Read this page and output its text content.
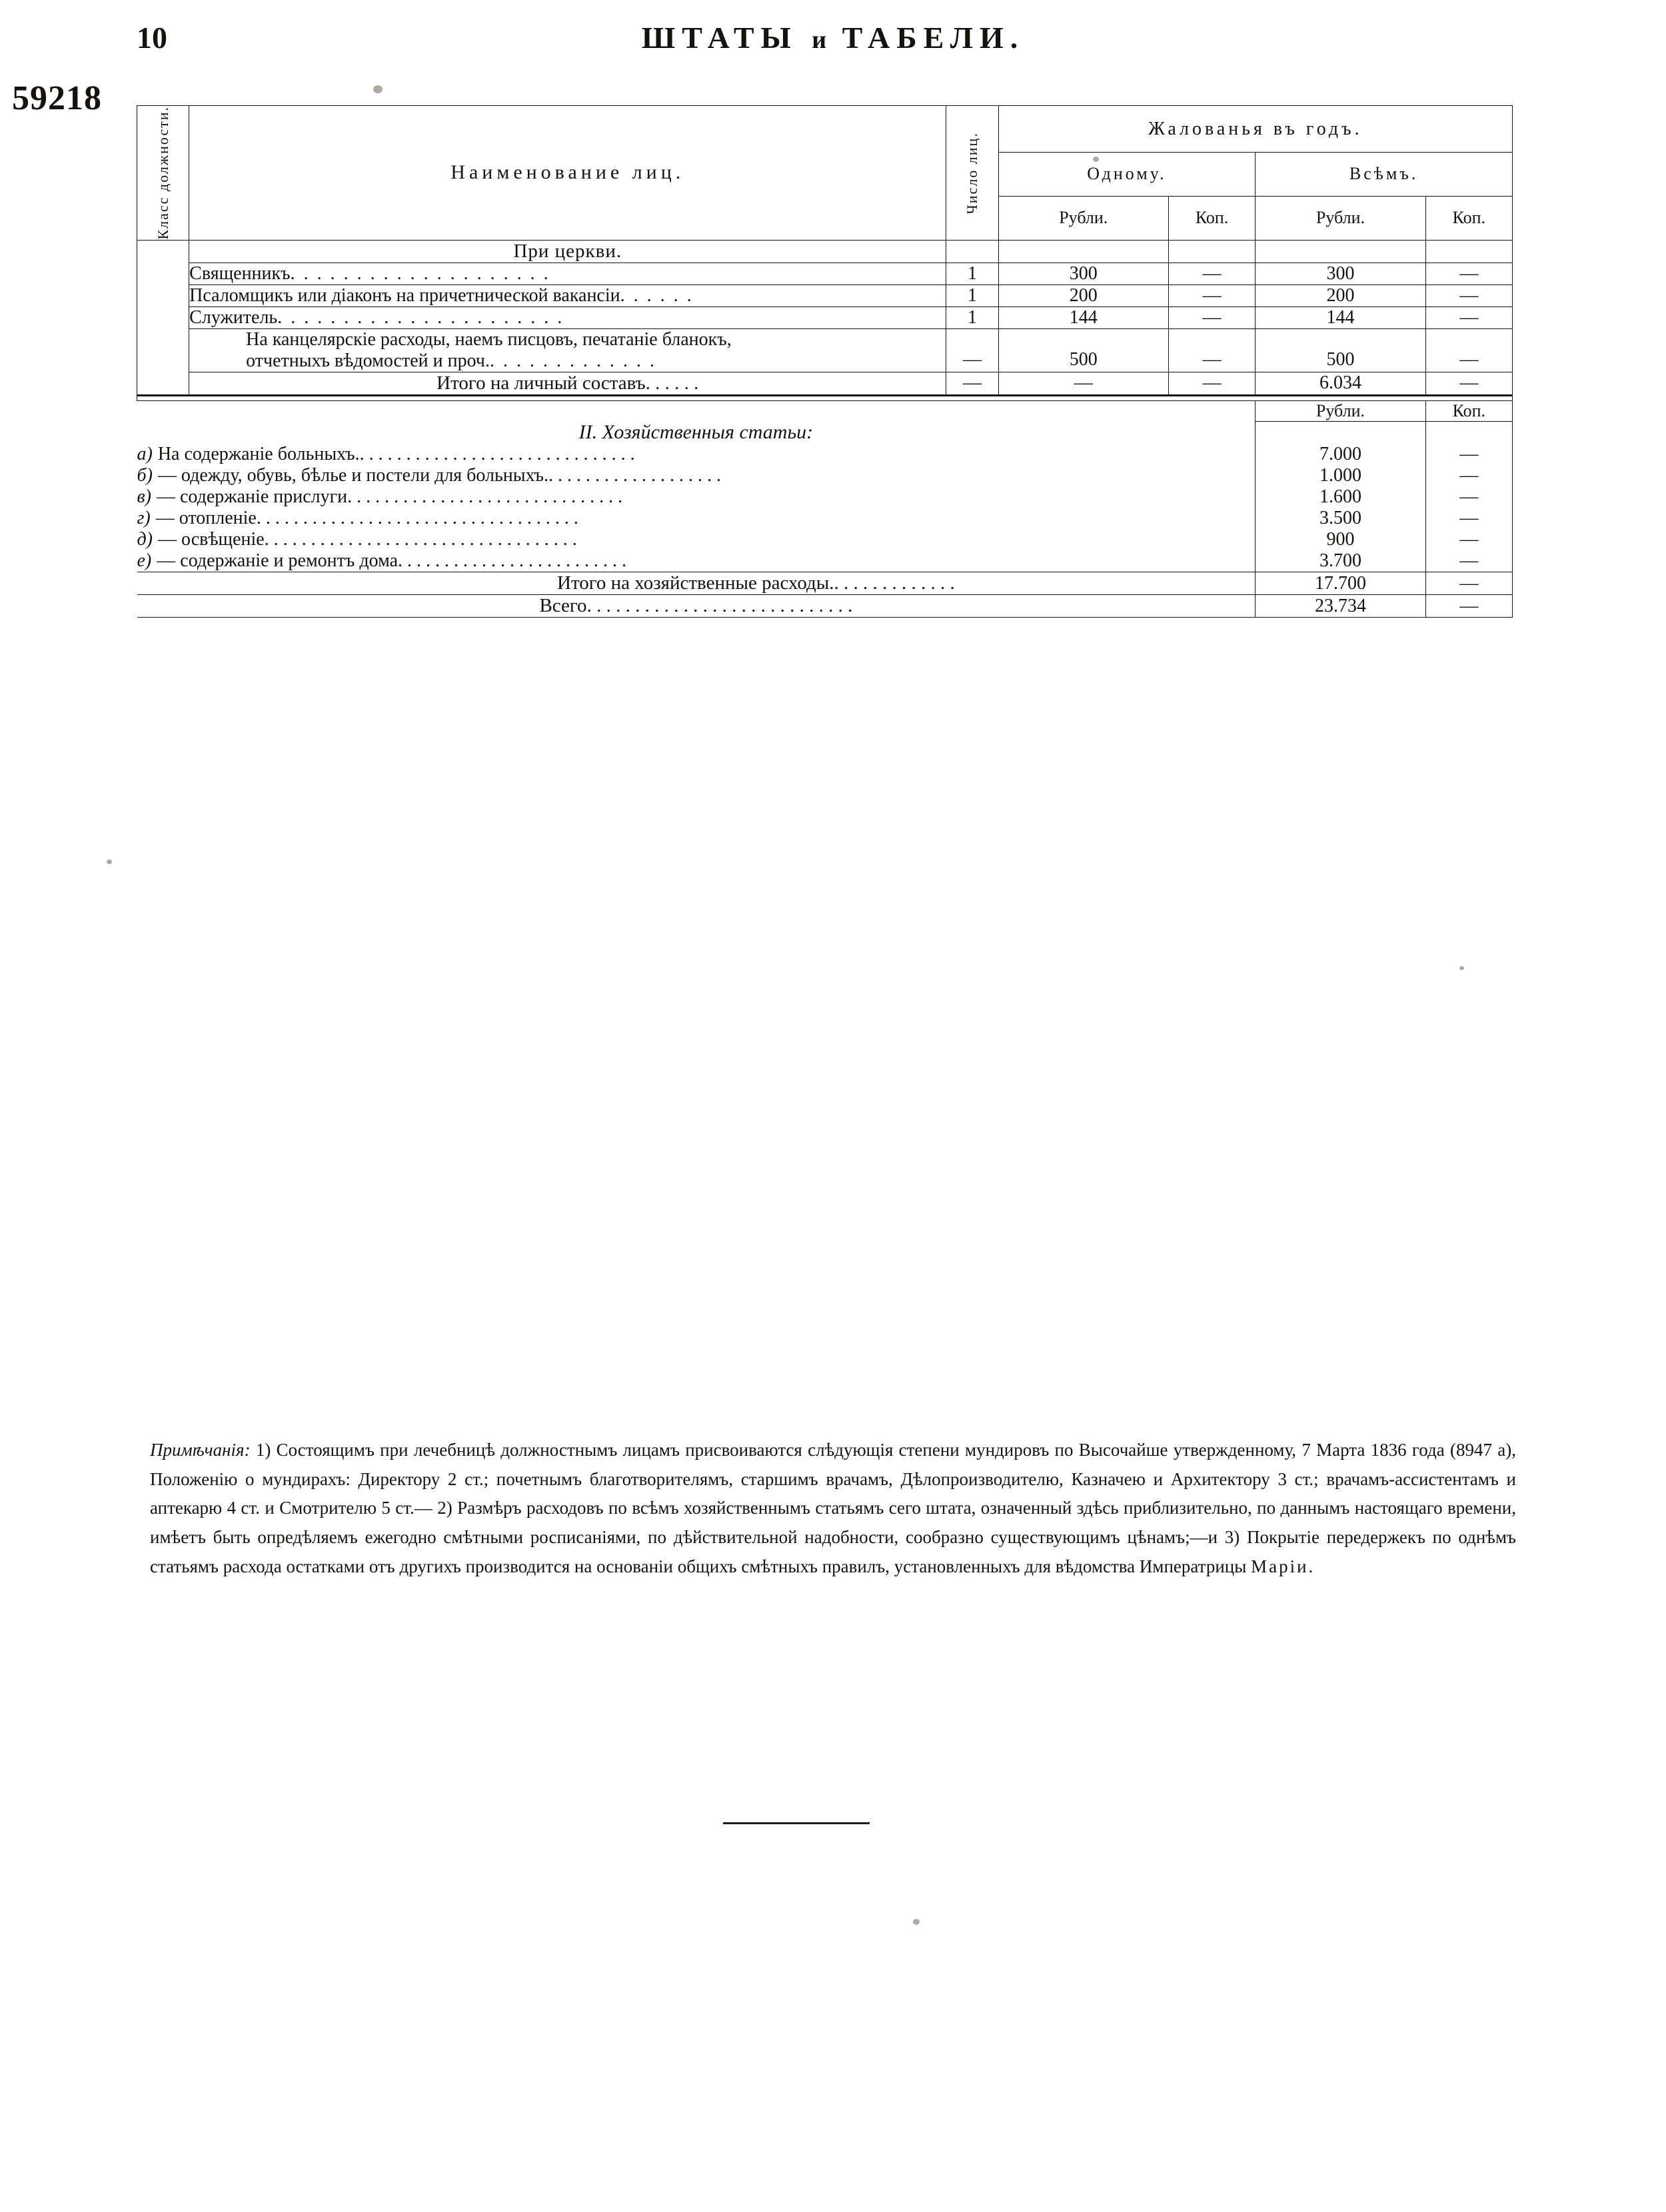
10	ШТАТЫ и ТАБЕЛИ.
59218
Класс должности.	Наименование лиц.	Число лиц.	Жалованья въ годъ.			
			Одному.		Всѣмъ.	
			Рубли.	Коп.	Рубли.	Коп.
	При церкви.					
	Священникъ. . . . . . . . . . . . . . . . . . . .	1	300	—	300	—
	Псаломщикъ или діаконъ на причетнической вакансіи. . . . . .	1	200	—	200	—
	Служитель. . . . . . . . . . . . . . . . . . . . . .	1	144	—	144	—

	На канцелярскіе расходы, наемъ писцовъ, печатаніе бланокъ,
отчетныхъ вѣдомостей и проч.. . . . . . . . . . . . .	—	500	—	500	—
	Итого на личный составъ. . . . . .	—	—	—	6.034	—

					Рубли.	Коп.
II. Хозяйственныя статьи:						
а) На содержаніе больныхъ.. . . . . . . . . . . . . . . . . . . . . . . . . . . . . .					7.000	—
б) — одежду, обувь, бѣлье и постели для больныхъ.. . . . . . . . . . . . . . . . . . .					1.000	—
в) — содержаніе прислуги. . . . . . . . . . . . . . . . . . . . . . . . . . . . . .					1.600	—
г) — отопленіе. . . . . . . . . . . . . . . . . . . . . . . . . . . . . . . . . . .					3.500	—
д) — освѣщеніе. . . . . . . . . . . . . . . . . . . . . . . . . . . . . . . . . .					900	—
е) — содержаніе и ремонтъ дома. . . . . . . . . . . . . . . . . . . . . . . . .					3.700	—
Итого на хозяйственные расходы.. . . . . . . . . . . . .					17.700	—
Всего. . . . . . . . . . . . . . . . . . . . . . . . . . . .					23.734	—

Примѣчанія: 1) Состоящимъ при лечебницѣ должностнымъ лицамъ присвоиваются слѣдующія степени мундировъ по Высочайше утвержденному, 7 Марта 1836 года (8947 а), Положенію о мундирахъ: Директору 2 ст.; почетнымъ благотворителямъ, старшимъ врачамъ, Дѣлопроизводителю, Казначею и Архитектору 3 ст.; врачамъ-ассистентамъ и аптекарю 4 ст. и Смотрителю 5 ст.— 2) Размѣръ расходовъ по всѣмъ хозяйственнымъ статьямъ сего штата, означенный здѣсь приблизительно, по даннымъ настоящаго времени, имѣетъ быть опредѣляемъ ежегодно смѣтными росписаніями, по дѣйствительной надобности, сообразно существующимъ цѣнамъ;—и 3) Покрытіе передержекъ по однѣмъ статьямъ расхода остатками отъ другихъ производится на основаніи общихъ смѣтныхъ правилъ, установленныхъ для вѣдомства Императрицы Маріи.
